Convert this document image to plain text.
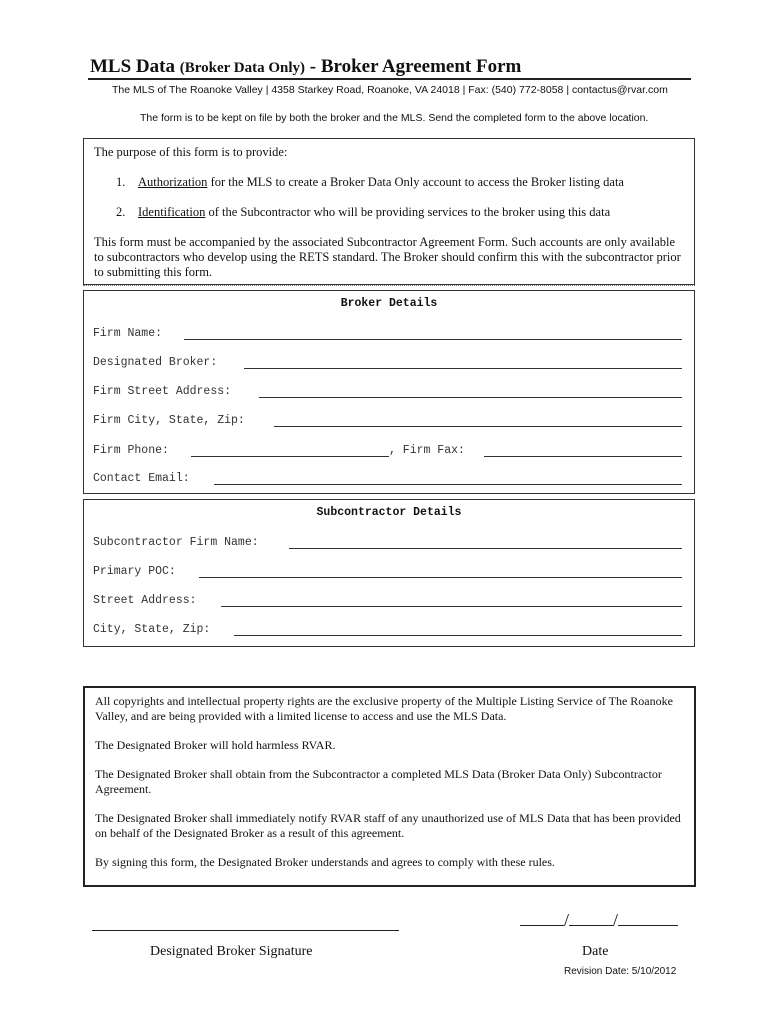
MLS Data (Broker Data Only) - Broker Agreement Form
The MLS of The Roanoke Valley | 4358 Starkey Road, Roanoke, VA 24018 | Fax: (540) 772-8058 | contactus@rvar.com
The form is to be kept on file by both the broker and the MLS. Send the completed form to the above location.

The purpose of this form is to provide:

1. Authorization for the MLS to create a Broker Data Only account to access the Broker listing data

2. Identification of the Subcontractor who will be providing services to the broker using this data

This form must be accompanied by the associated Subcontractor Agreement Form. Such accounts are only available to subcontractors who develop using the RETS standard. The Broker should confirm this with the subcontractor prior to submitting this form.

Broker Details
Firm Name:
Designated Broker:
Firm Street Address:
Firm City, State, Zip:
Firm Phone:	, Firm Fax:
Contact Email:
Subcontractor Details
Subcontractor Firm Name:
Primary POC:
Street Address:
City, State, Zip:

All copyrights and intellectual property rights are the exclusive property of the Multiple Listing Service of The Roanoke Valley, and are being provided with a limited license to access and use the MLS Data.

The Designated Broker will hold harmless RVAR.

The Designated Broker shall obtain from the Subcontractor a completed MLS Data (Broker Data Only) Subcontractor Agreement.

The Designated Broker shall immediately notify RVAR staff of any unauthorized use of MLS Data that has been provided on behalf of the Designated Broker as a result of this agreement.

By signing this form, the Designated Broker understands and agrees to comply with these rules.

Designated Broker Signature
/ /
Date
Revision Date: 5/10/2012
